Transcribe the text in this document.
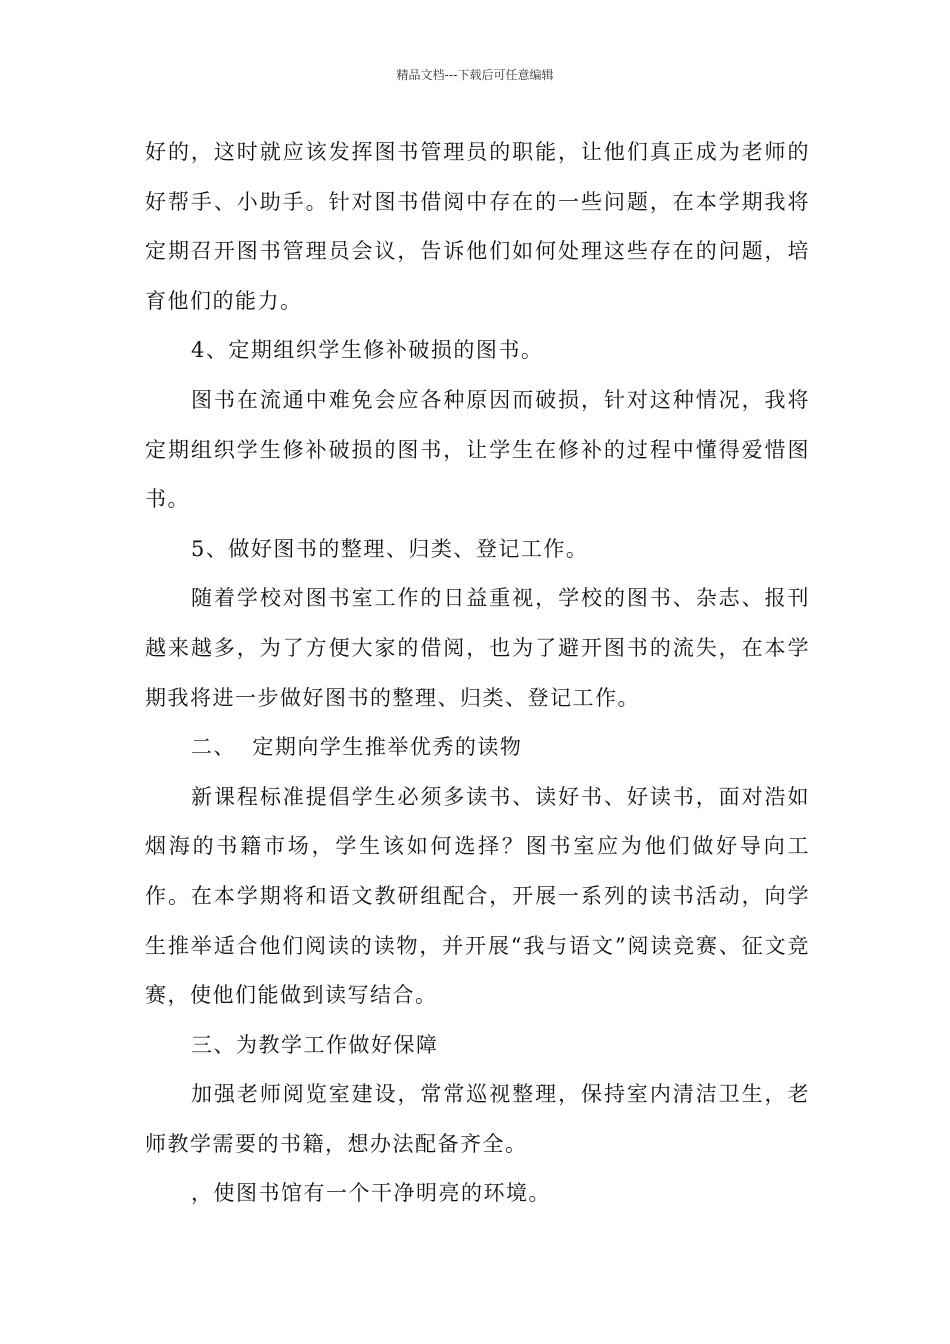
精品文档---下载后可任意编辑

好的，这时就应该发挥图书管理员的职能，让他们真正成为老师的好帮手、小助手。针对图书借阅中存在的一些问题，在本学期我将定期召开图书管理员会议，告诉他们如何处理这些存在的问题，培育他们的能力。

4、定期组织学生修补破损的图书。

图书在流通中难免会应各种原因而破损，针对这种情况，我将定期组织学生修补破损的图书，让学生在修补的过程中懂得爱惜图书。

5、做好图书的整理、归类、登记工作。

随着学校对图书室工作的日益重视，学校的图书、杂志、报刊越来越多，为了方便大家的借阅，也为了避开图书的流失，在本学期我将进一步做好图书的整理、归类、登记工作。

二、  定期向学生推举优秀的读物

新课程标准提倡学生必须多读书、读好书、好读书，面对浩如烟海的书籍市场，学生该如何选择？图书室应为他们做好导向工作。在本学期将和语文教研组配合，开展一系列的读书活动，向学生推举适合他们阅读的读物，并开展“我与语文”阅读竞赛、征文竞赛，使他们能做到读写结合。

三、为教学工作做好保障

加强老师阅览室建设，常常巡视整理，保持室内清洁卫生，老师教学需要的书籍，想办法配备齐全。

，使图书馆有一个干净明亮的环境。
